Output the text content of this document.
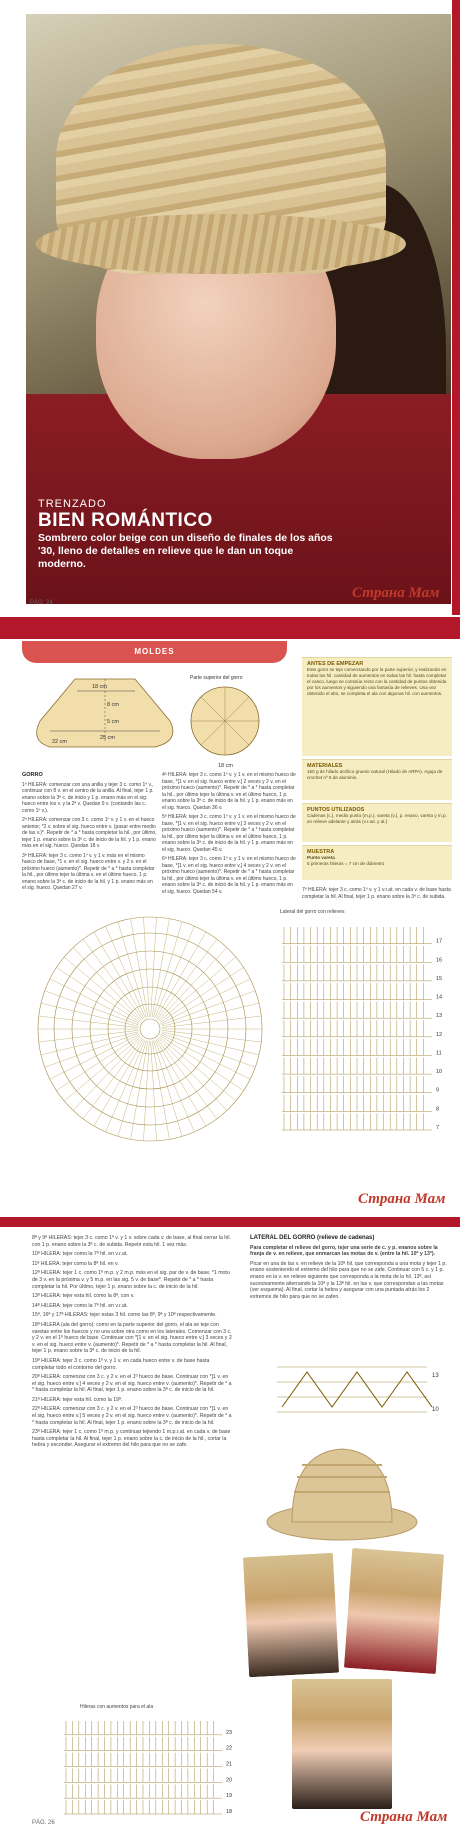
TRENZADO
BIEN ROMÁNTICO
Sombrero color beige con un diseño de finales de los años '30, lleno de detalles en relieve que le dan un toque moderno.
PÁG. 24
Страна Мам
MOLDES
18 cm
25 cm
22 cm
8 cm
5 cm
Parte superior del gorro
18 cm

GORRO

1ª HILERA: comenzar con una anilla y tejer 3 c. como 1º v., continuar con 8 v. en el centro de la anilla. Al final, tejer 1 p. enano sobre la 3ª c. de inicio y 1 p. enano más en el sig. hueco entre los v. y la 2ª v. Quedan 9 v. (contando las c. como 1º v.).

2ª HILERA: comenzar con 3 c. como 1º v. y 1 v. en el hueco anterior; *2 v. sobre el sig. hueco entre v. (pasar entre medio de las v.)*. Repetir de * a * hasta completar la hil., por último, tejer 1 p. enano sobre la 3ª c. de inicio de la hil. y 1 p. enano más en el sig. hueco. Quedan 18 v.

3ª HILERA: tejer 3 c. como 1º v. y 1 v. más en el mismo hueco de base, *1 v. en el sig. hueco entre v. y 2 v. en el próximo hueco (aumento)*. Repetir de * a * hasta completar la hil., por último tejer la última v. en el último hueco, 1 p. enano sobre la 3ª c. de inicio de la hil. y 1 p. enano más en el sig. hueco. Quedan 27 v.

4ª HILERA: tejer 3 c. como 1º v. y 1 v. en el mismo hueco de base, *[1 v. en el sig. hueco entre v.] 2 veces y 2 v. en el próximo hueco (aumento)*. Repetir de * a * hasta completar la hil., por último tejer la última v. en el último hueco, 1 p. enano sobre la 3ª c. de inicio de la hil. y 1 p. enano más en el sig. hueco. Quedan 36 v.

5ª HILERA: tejer 3 c. como 1º v. y 1 v. en el mismo hueco de base, *[1 v. en el sig. hueco entre v.] 3 veces y 2 v. en el próximo hueco (aumento)*. Repetir de * a * hasta completar la hil., por último tejer la última v. en el último hueco, 1 p. enano sobre la 3ª c. de inicio de la hil. y 1 p. enano más en el sig. hueco. Quedan 45 v.

6ª HILERA: tejer 3 c. como 1º v. y 1 v. en el mismo hueco de base, *[1 v. en el sig. hueco entre v.] 4 veces y 2 v. en el próximo hueco (aumento)*. Repetir de * a * hasta completar la hil., por último tejer la última v. en el último hueco, 1 p. enano sobre la 3ª c. de inicio de la hil. y 1 p. enano más en el sig. hueco. Quedan 54 v.

ANTES DE EMPEZAR
Este gorro se teje comenzando por la parte superior, y realizando en todas las hil. cantidad de aumentos en todas las hil. hasta completar el casco, luego se continúa recto con la cantidad de puntos obtenida por los aumentos y siguiendo una fantasía de relieves. Una vez obtenido el alto, se completa el ala con algunas hil. con aumentos.
MATERIALES
150 g de hilado acrílico grueso natural (Hilado de ARPA). Aguja de crochet nº 5 de aluminio.
PUNTOS UTILIZADOS
Cadenas (c.), medio punto (m.p.), vareta (v.), p. enano, vareta y m.p. en relieve adelante y atrás (v.r.ad. y at.)
MUESTRA
Punto vareta
5 primeras hileras = 7 cm de diámetro

7ª HILERA: tejer 3 c. como 1º v. y 1 v.r.at. en cada v. de base hasta completar la hil. Al final, tejer 1 p. enano sobre la 3ª c. de subida.

Lateral del gorro con relieves
17
16
15
14
13
12
11
10
9
8
7
Страна Мам

8ª y 9ª HILERAS: tejer 3 c. como 1º v. y 1 v. sobre cada v. de base, al final cerrar la hil. con 1 p. enano sobre la 3ª c. de subida. Repetir esta hil. 1 vez más.

10ª HILERA: tejer como la 7ª hil. en v.r.at.

11ª HILERA: tejer como la 8ª hil. en v.

12ª HILERA: tejer 1 c. como 1º m.p. y 2 m.p. más en el sig. par de v. de base, *1 motu de 3 v. en la próxima v. y 5 m.p. en las sig. 5 v. de base*. Repetir de * a * hasta completar la hil. Por último, tejer 1 p. enano sobre la c. de inicio de la hil.

13ª HILERA: tejer esta hil. como la 8ª, con v.

14ª HILERA: tejer como la 7ª hil. en v.r.at.

15ª, 16ª y 17ª HILERAS: tejer estas 3 hil. como las 8ª, 9ª y 10ª respectivamente.

18ª HILERA (ala del gorro): como en la parte superior del gorro, el ala se teje con varetas entre los huecos y no una sobre otra como en los laterales. Comenzar con 3 c. y 2 v. en el 1º hueco de base. Continuar con *[1 v. en el sig. hueco entre v.] 3 veces y 2 v. en el sig. hueco entre v. (aumento)*. Repetir de * a * hasta completar la hil. Al final, tejer 1 p. enano sobre la 3ª c. de inicio de la hil.

19ª HILERA: tejer 3 c. como 1º v. y 1 v. en cada hueco entre v. de base hasta completar todo el contorno del gorro.

20ª HILERA: comenzar con 3 c. y 2 v. en el 1º hueco de base. Continuar con *[1 v. en el sig. hueco entre v.] 4 veces y 2 v. en el sig. hueco entre v. (aumento)*. Repetir de * a * hasta completar la hil. Al final, tejer 1 p. enano sobre la 3ª c. de inicio de la hil.

21ª HILERA: tejer esta hil. como la 19ª.

22ª HILERA: comenzar con 3 c. y 2 v. en el 1º hueco de base. Continuar con *[1 v. en el sig. hueco entre v.] 5 veces y 2 v. en el sig. hueco entre v. (aumento)*. Repetir de * a * hasta completar la hil. Al final, tejer 1 p. enano sobre la 3ª c. de inicio de la hil.

23ª HILERA: tejer 1 c. como 1º m.p. y continuar tejiendo 1 m.p.r.at. en cada v. de base hasta completar la hil. Al final, tejer 1 p. enano sobre la c. de inicio de la hil., cortar la hebra y esconder. Asegurar el extremo del hilo para que no se zafe.

Hileras con aumentos para el ala
23
22
21
20
19
18

LATERAL DEL GORRO (relieve de cadenas)

Para completar el relieve del gorro, tejer una serie de c. y p. enanos sobre la franja de v. en relieve, que enmarcan las motas de v. (entre la hil. 10ª y 13ª).

Picar en una de las v. en relieve de la 10ª hil. que corresponda a una mota y tejer 1 p. enano sosteniendo el extremo del hilo para que no se zafe. Continuar con 5 c. y 1 p. enano en la v. en relieve siguiente que corresponda a la mota de la hil. 13ª, así sucesivamente alternando la 10ª y la 13ª hil. en las v. que correspondan a las motas (ver esquema). Al final, cortar la hebra y asegurar con una puntada atrás los 2 extremos de hilo para que no se zafen.

13
10
PÁG. 26	Страна Мам
